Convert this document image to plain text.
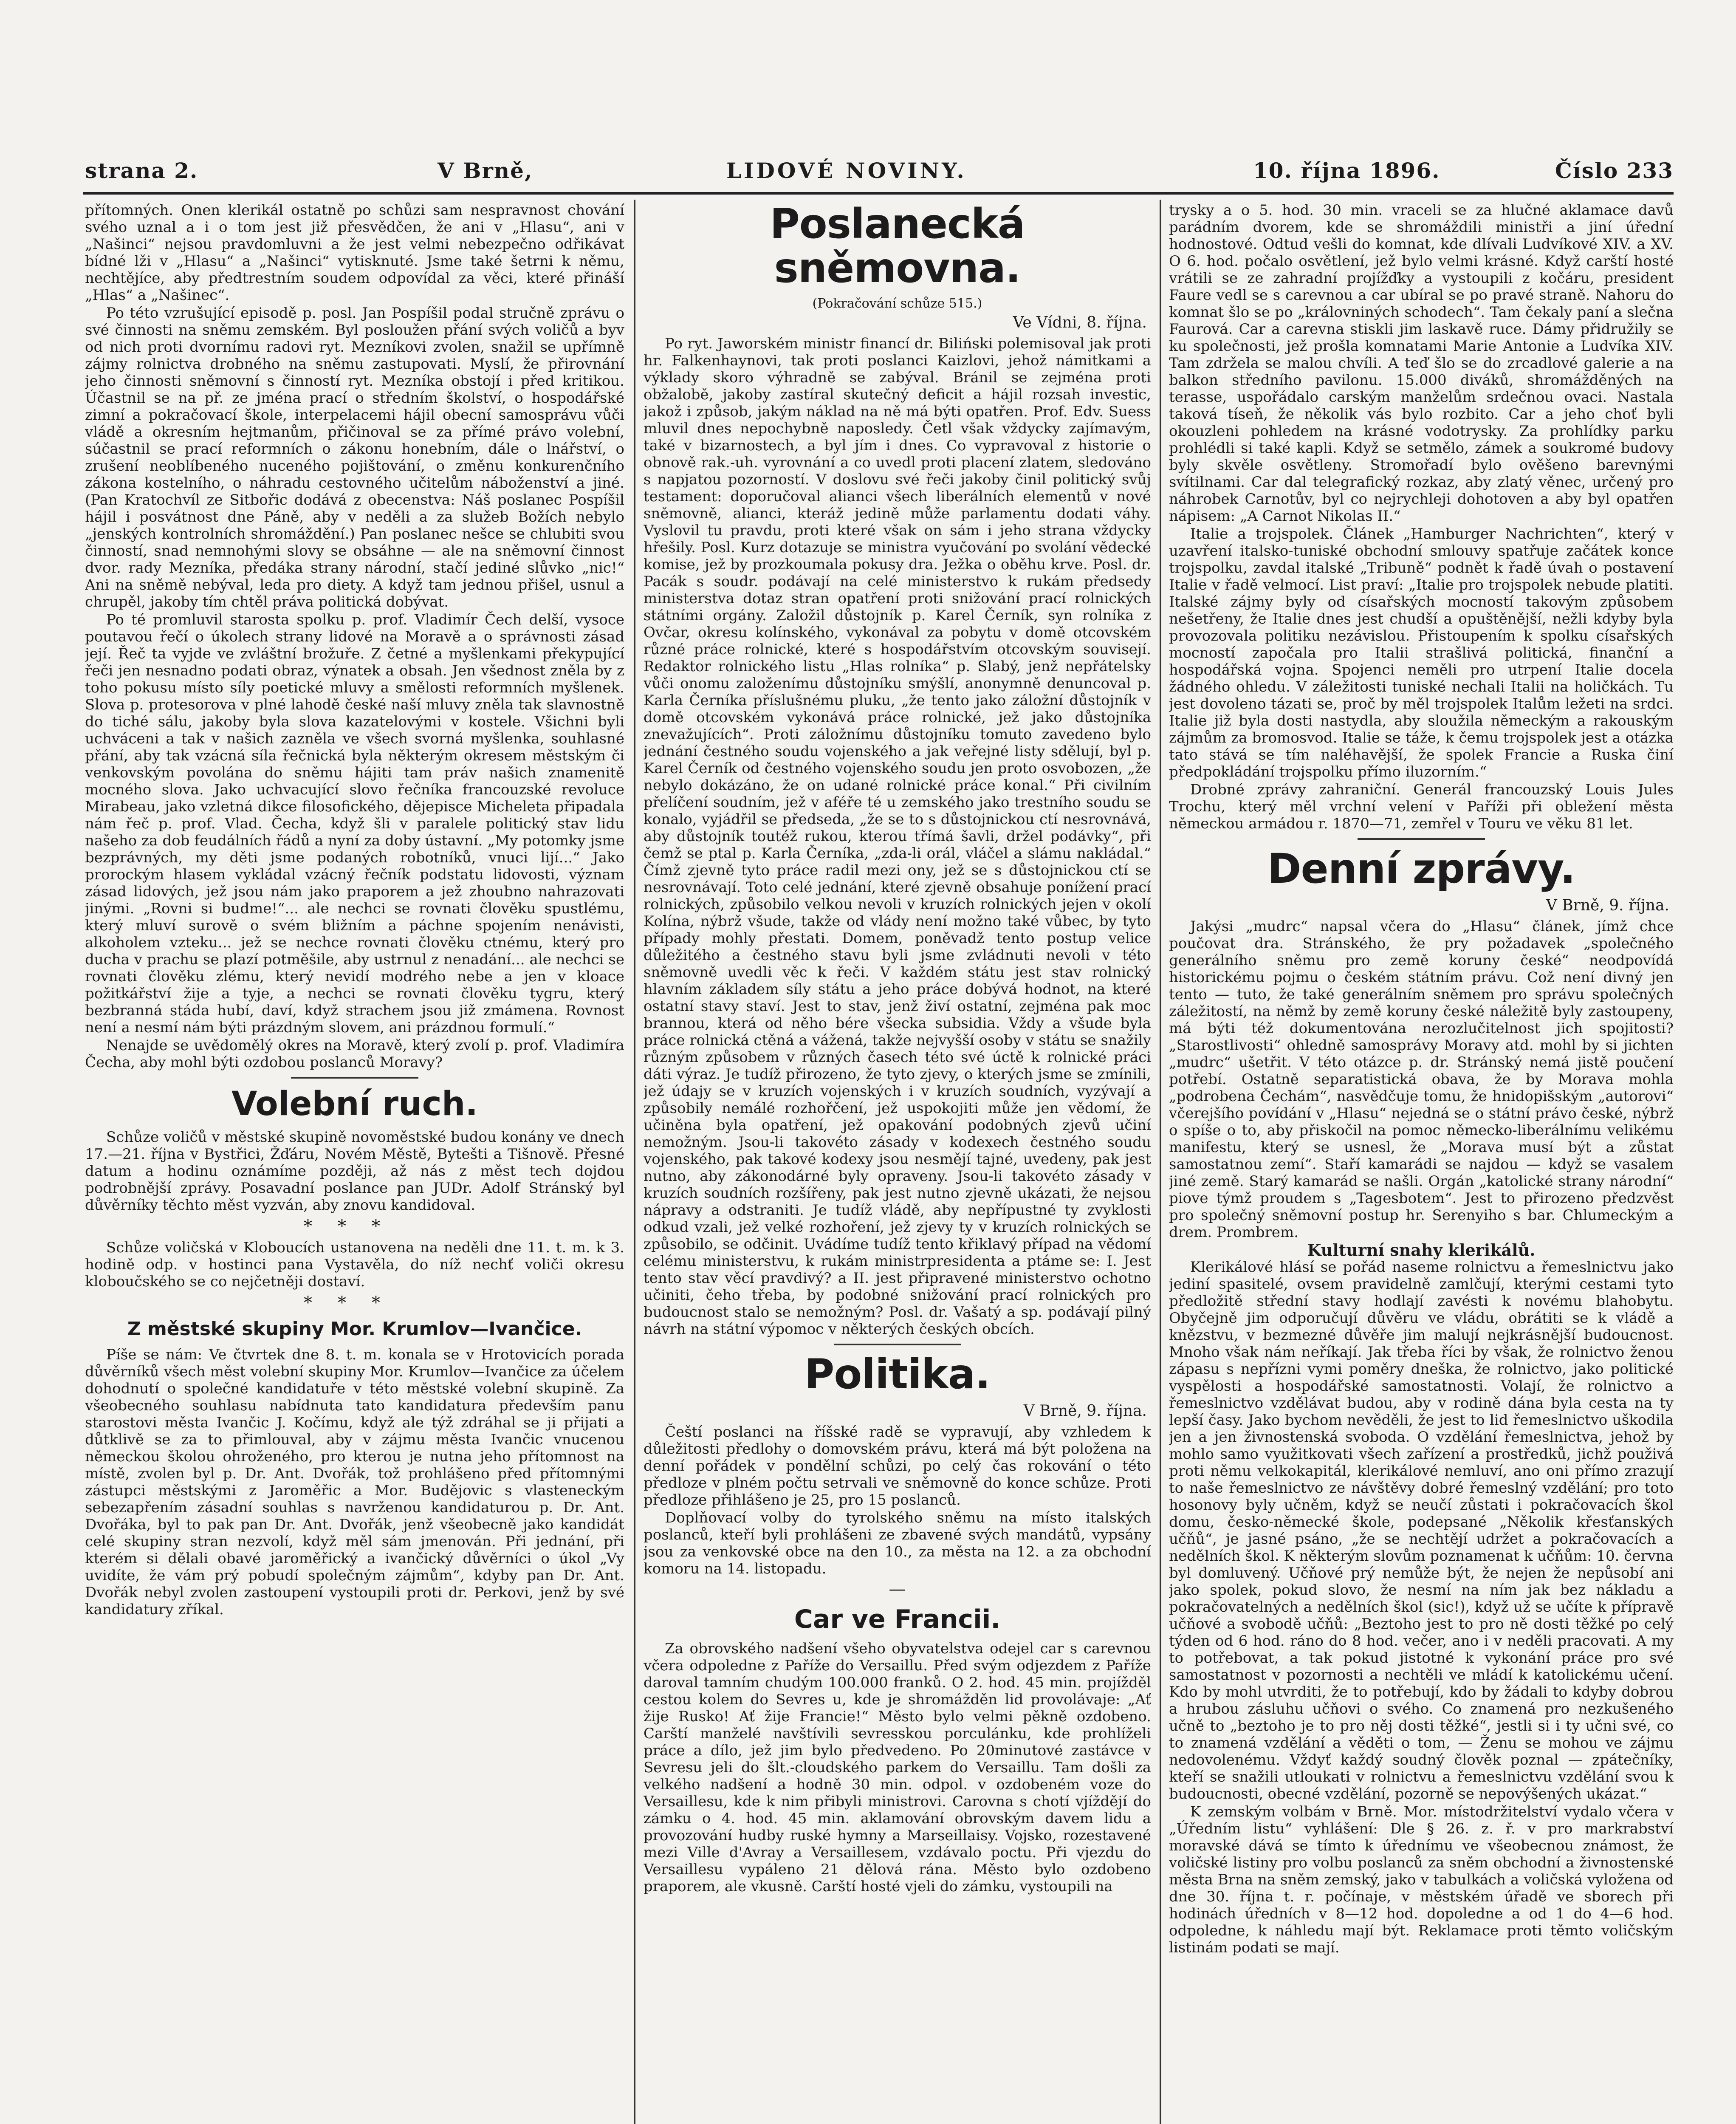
strana 2.	V Brně,	LIDOVÉ NOVINY.	10. října 1896.	Číslo 233

přítomných. Onen klerikál ostatně po schůzi sam nespravnost chování svého uznal a i o tom jest již přesvědčen, že ani v „Hlasu“, ani v „Našinci“ nejsou pravdomluvni a že jest velmi nebezpečno odřikávat bídné lži v „Hlasu“ a „Našinci“ vytisknuté. Jsme také šetrni k němu, nechtějíce, aby předtrestním soudem odpovídal za věci, které přináší „Hlas“ a „Našinec“.

Po této vzrušující episodě p. posl. Jan Pospíšil podal stručně zprávu o své činnosti na sněmu zemském. Byl posloužen přání svých voličů a byv od nich proti dvornímu radovi ryt. Mezníkovi zvolen, snažil se upřímně zájmy rolnictva drobného na sněmu zastupovati. Myslí, že přirovnání jeho činnosti sněmovní s činností ryt. Mezníka obstojí i před kritikou. Účastnil se na př. ze jména prací o středním školství, o hospodářské zimní a pokračovací škole, interpelacemi hájil obecní samosprávu vůči vládě a okresním hejtmanům, přičinoval se za přímé právo volební, súčastnil se prací reformních o zákonu honebním, dále o lnářství, o zrušení neoblíbeného nuceného pojištování, o změnu konkurenčního zákona kostelního, o náhradu cestovného učitelům náboženství a jiné. (Pan Kratochvíl ze Sitbořic dodává z obecenstva: Náš poslanec Pospíšil hájil i posvátnost dne Páně, aby v neděli a za služeb Božích nebylo „jenských kontrolních shromáždění.) Pan poslanec nešce se chlubiti svou činností, snad nemnohými slovy se obsáhne — ale na sněmovní činnost dvor. rady Mezníka, předáka strany národní, stačí jediné slůvko „nic!“ Ani na sněmě nebýval, leda pro diety. A když tam jednou přišel, usnul a chrupěl, jakoby tím chtěl práva politická dobývat.

Po té promluvil starosta spolku p. prof. Vladimír Čech delší, vysoce poutavou řečí o úkolech strany lidové na Moravě a o správnosti zásad její. Řeč ta vyjde ve zvláštní brožuře. Z četné a myšlenkami překypující řeči jen nesnadno podati obraz, výnatek a obsah. Jen všednost zněla by z toho pokusu místo síly poetické mluvy a smělosti reformních myšlenek. Slova p. protesorova v plné lahodě české naší mluvy zněla tak slavnostně do tiché sálu, jakoby byla slova kazatelovými v kostele. Všichni byli uchváceni a tak v našich zazněla ve všech svorná myšlenka, souhlasné přání, aby tak vzácná síla řečnická byla některým okresem městským či venkovským povolána do sněmu hájiti tam práv našich znamenitě mocného slova. Jako uchvacující slovo řečníka francouzské revoluce Mirabeau, jako vzletná dikce filosofického, dějepisce Micheleta připadala nám řeč p. prof. Vlad. Čecha, když šli v paralele politický stav lidu našeho za dob feudálních řádů a nyní za doby ústavní. „My potomky jsme bezprávných, my děti jsme podaných robotníků, vnuci lijí...“ Jako prorockým hlasem vykládal vzácný řečník podstatu lidovosti, význam zásad lidových, jež jsou nám jako praporem a jež zhoubno nahrazovati jinými. „Rovni si budme!“... ale nechci se rovnati člověku spustlému, který mluví surově o svém bližním a páchne spojením nenávisti, alkoholem vzteku... jež se nechce rovnati člověku ctnému, který pro ducha v prachu se plazí potměšile, aby ustrnul z nenadání... ale nechci se rovnati člověku zlému, který nevidí modrého nebe a jen v kloace požitkářství žije a tyje, a nechci se rovnati člověku tygru, který bezbranná stáda hubí, daví, když strachem jsou již zmámena. Rovnost není a nesmí nám býti prázdným slovem, ani prázdnou formulí.“

Nenajde se uvědomělý okres na Moravě, který zvolí p. prof. Vladimíra Čecha, aby mohl býti ozdobou poslanců Moravy?

Volební ruch.

Schůze voličů v městské skupině novoměstské budou konány ve dnech 17.—21. října v Bystřici, Žďáru, Novém Městě, Bytešti a Tišnově. Přesné datum a hodinu oznámíme později, až nás z měst tech dojdou podrobnější zprávy. Posavadní poslance pan JUDr. Adolf Stránský byl důvěrníky těchto měst vyzván, aby znovu kandidoval.

***

Schůze voličská v Kloboucích ustanovena na neděli dne 11. t. m. k 3. hodině odp. v hostinci pana Vystavěla, do níž nechť voliči okresu kloboučského se co nejčetněji dostaví.

***
Z městské skupiny Mor. Krumlov—Ivančice.

Píše se nám: Ve čtvrtek dne 8. t. m. konala se v Hrotovicích porada důvěrníků všech měst volební skupiny Mor. Krumlov—Ivančice za účelem dohodnutí o společné kandidatuře v této městské volební skupině. Za všeobecného souhlasu nabídnuta tato kandidatura především panu starostovi města Ivančic J. Kočímu, když ale týž zdráhal se ji přijati a důtklivě se za to přimlouval, aby v zájmu města Ivančic vnucenou německou školou ohroženého, pro kterou je nutna jeho přítomnost na místě, zvolen byl p. Dr. Ant. Dvořák, tož prohlášeno před přítomnými zástupci městskými z Jaroměřic a Mor. Budějovic s vlasteneckým sebezapřením zásadní souhlas s navrženou kandidaturou p. Dr. Ant. Dvořáka, byl to pak pan Dr. Ant. Dvořák, jenž všeobecně jako kandidát celé skupiny stran nezvolí, když měl sám jmenován. Při jednání, při kterém si dělali obavé jaroměřický a ivančický důvěrníci o úkol „Vy uvidíte, že vám prý pobudí společným zájmům“, kdyby pan Dr. Ant. Dvořák nebyl zvolen zastoupení vystoupili proti dr. Perkovi, jenž by své kandidatury zříkal.

Poslanecká sněmovna.
(Pokračování schůze 515.)
Ve Vídni, 8. října.

Po ryt. Jaworském ministr financí dr. Biliński polemisoval jak proti hr. Falkenhaynovi, tak proti poslanci Kaizlovi, jehož námitkami a výklady skoro výhradně se zabýval. Bránil se zejména proti obžalobě, jakoby zastíral skutečný deficit a hájil rozsah investic, jakož i způsob, jakým náklad na ně má býti opatřen. Prof. Edv. Suess mluvil dnes nepochybně naposledy. Četl však vždycky zajímavým, také v bizarnostech, a byl jím i dnes. Co vypravoval z historie o obnově rak.-uh. vyrovnání a co uvedl proti placení zlatem, sledováno s napjatou pozorností. V doslovu své řeči jakoby činil politický svůj testament: doporučoval alianci všech liberálních elementů v nové sněmovně, alianci, kteráž jedině může parlamentu dodati váhy. Vyslovil tu pravdu, proti které však on sám i jeho strana vždycky hřešily. Posl. Kurz dotazuje se ministra vyučování po svolání vědecké komise, jež by prozkoumala pokusy dra. Ježka o oběhu krve. Posl. dr. Pacák s soudr. podávají na celé ministerstvo k rukám předsedy ministerstva dotaz stran opatření proti snižování prací rolnických státními orgány. Založil důstojník p. Karel Černík, syn rolníka z Ovčar, okresu kolínského, vykonával za pobytu v domě otcovském různé práce rolnické, které s hospodářstvím otcovským souvisejí. Redaktor rolnického listu „Hlas rolníka“ p. Slabý, jenž nepřátelsky vůči onomu založenímu důstojníku smýšlí, anonymně denuncoval p. Karla Černíka příslušnému pluku, „že tento jako záložní důstojník v domě otcovském vykonává práce rolnické, jež jako důstojníka znevažujících“. Proti záložnímu důstojníku tomuto zavedeno bylo jednání čestného soudu vojenského a jak veřejné listy sdělují, byl p. Karel Černík od čestného vojenského soudu jen proto osvobozen, „že nebylo dokázáno, že on udané rolnické práce konal.“ Při civilním přelíčení soudním, jež v aféře té u zemského jako trestního soudu se konalo, vyjádřil se předseda, „že se to s důstojnickou ctí nesrovnává, aby důstojník toutéž rukou, kterou třímá šavli, držel podávky“, při čemž se ptal p. Karla Černíka, „zda-li orál, vláčel a slámu nakládal.“ Čímž zjevně tyto práce radil mezi ony, jež se s důstojnickou ctí se nesrovnávají. Toto celé jednání, které zjevně obsahuje ponížení prací rolnických, způsobilo velkou nevoli v kruzích rolnických jejen v okolí Kolína, nýbrž všude, takže od vlády není možno také vůbec, by tyto případy mohly přestati. Domem, poněvadž tento postup velice důležitého a čestného stavu byli jsme zvládnuti nevoli v této sněmovně uvedli věc k řeči. V každém státu jest stav rolnický hlavním základem síly státu a jeho práce dobývá hodnot, na které ostatní stavy staví. Jest to stav, jenž živí ostatní, zejména pak moc brannou, která od něho bére všecka subsidia. Vždy a všude byla práce rolnická ctěná a vážená, takže nejvyšší osoby v státu se snažily různým způsobem v různých časech této své úctě k rolnické práci dáti výraz. Je tudíž přirozeno, že tyto zjevy, o kterých jsme se zmínili, jež údajy se v kruzích vojenských i v kruzích soudních, vyzývají a způsobily nemálé rozhořčení, jež uspokojiti může jen vědomí, že učiněna byla opatření, jež opakování podobných zjevů učiní nemožným. Jsou-li takovéto zásady v kodexech čestného soudu vojenského, pak takové kodexy jsou nesmějí tajné, uvedeny, pak jest nutno, aby zákonodárné byly opraveny. Jsou-li takovéto zásady v kruzích soudních rozšířeny, pak jest nutno zjevně ukázati, že nejsou nápravy a odstraniti. Je tudíž vládě, aby nepřípustné ty zvyklosti odkud vzali, jež velké rozhoření, jež zjevy ty v kruzích rolnických se způsobilo, se odčinit. Uvádíme tudíž tento křiklavý případ na vědomí celému ministerstvu, k rukám ministrpresidenta a ptáme se: I. Jest tento stav věcí pravdivý? a II. jest připravené ministerstvo ochotno učiniti, čeho třeba, by podobné snižování prací rolnických pro budoucnost stalo se nemožným? Posl. dr. Vašatý a sp. podávají pilný návrh na státní výpomoc v některých českých obcích.

Politika.
V Brně, 9. října.

Čeští poslanci na říšské radě se vypravují, aby vzhledem k důležitosti předlohy o domovském právu, která má být položena na denní pořádek v pondělní schůzi, po celý čas rokování o této předloze v plném počtu setrvali ve sněmovně do konce schůze. Proti předloze přihlášeno je 25, pro 15 poslanců.

Doplňovací volby do tyrolského sněmu na místo italských poslanců, kteří byli prohlášeni ze zbavené svých mandátů, vypsány jsou za venkovské obce na den 10., za města na 12. a za obchodní komoru na 14. listopadu.

—
Car ve Francii.

Za obrovského nadšení všeho obyvatelstva odejel car s carevnou včera odpoledne z Paříže do Versaillu. Před svým odjezdem z Paříže daroval tamním chudým 100.000 franků. O 2. hod. 45 min. projížděl cestou kolem do Sevres u, kde je shromážděn lid provolávaje: „Ať žije Rusko! Ať žije Francie!“ Město bylo velmi pěkně ozdobeno. Carští manželé navštívili sevresskou porculánku, kde prohlíželi práce a dílo, jež jim bylo předvedeno. Po 20minutové zastávce v Sevresu jeli do šlt.-cloudského parkem do Versaillu. Tam došli za velkého nadšení a hodně 30 min. odpol. v ozdobeném voze do Versaillesu, kde k nim přibyli ministrovi. Carovna s chotí vjíždějí do zámku o 4. hod. 45 min. aklamování obrovským davem lidu a provozování hudby ruské hymny a Marseillaisy. Vojsko, rozestavené mezi Ville d'Avray a Versaillesem, vzdávalo poctu. Při vjezdu do Versaillesu vypáleno 21 dělová rána. Město bylo ozdobeno praporem, ale vkusně. Carští hosté vjeli do zámku, vystoupili na

trysky a o 5. hod. 30 min. vraceli se za hlučné aklamace davů parádním dvorem, kde se shromáždili ministři a jiní úřední hodnostové. Odtud vešli do komnat, kde dlívali Ludvíkové XIV. a XV. O 6. hod. počalo osvětlení, jež bylo velmi krásné. Když carští hosté vrátili se ze zahradní projížďky a vystoupili z kočáru, president Faure vedl se s carevnou a car ubíral se po pravé straně. Nahoru do komnat šlo se po „královniných schodech“. Tam čekaly paní a slečna Faurová. Car a carevna stiskli jim laskavě ruce. Dámy přidružily se ku společnosti, jež prošla komnatami Marie Antonie a Ludvíka XIV. Tam zdržela se malou chvíli. A teď šlo se do zrcadlové galerie a na balkon středního pavilonu. 15.000 diváků, shromážděných na terasse, uspořádalo carským manželům srdečnou ovaci. Nastala taková tíseň, že několik vás bylo rozbito. Car a jeho choť byli okouzleni pohledem na krásné vodotrysky. Za prohlídky parku prohlédli si také kapli. Když se setmělo, zámek a soukromé budovy byly skvěle osvětleny. Stromořadí bylo ověšeno barevnými svítilnami. Car dal telegrafický rozkaz, aby zlatý věnec, určený pro náhrobek Carnotův, byl co nejrychleji dohotoven a aby byl opatřen nápisem: „A Carnot Nikolas II.“

Italie a trojspolek. Článek „Hamburger Nachrichten“, který v uzavření italsko-tuniské obchodní smlouvy spatřuje začátek konce trojspolku, zavdal italské „Tribuně“ podnět k řadě úvah o postavení Italie v řadě velmocí. List praví: „Italie pro trojspolek nebude platiti. Italské zájmy byly od císařských mocností takovým způsobem nešetřeny, že Italie dnes jest chudší a opuštěnější, nežli kdyby byla provozovala politiku nezávislou. Přistoupením k spolku císařských mocností započala pro Italii strašlivá politická, finanční a hospodářská vojna. Spojenci neměli pro utrpení Italie docela žádného ohledu. V záležitosti tuniské nechali Italii na holičkách. Tu jest dovoleno tázati se, proč by měl trojspolek Italům ležeti na srdci. Italie již byla dosti nastydla, aby sloužila německým a rakouským zájmům za bromosvod. Italie se táže, k čemu trojspolek jest a otázka tato stává se tím naléhavější, že spolek Francie a Ruska činí předpokládání trojspolku přímo iluzorním.“

Drobné zprávy zahraniční. Generál francouzský Louis Jules Trochu, který měl vrchní velení v Paříži při obležení města německou armádou r. 1870—71, zemřel v Touru ve věku 81 let.

Denní zprávy.
V Brně, 9. října.

Jakýsi „mudrc“ napsal včera do „Hlasu“ článek, jímž chce poučovat dra. Stránského, že pry požadavek „společného generálního sněmu pro země koruny české“ neodpovídá historickému pojmu o českém státním právu. Což není divný jen tento — tuto, že také generálním sněmem pro správu společných záležitostí, na němž by země koruny české náležitě byly zastoupeny, má býti též dokumentována nerozlučitelnost jich spojitosti? „Starostlivosti“ ohledně samosprávy Moravy atd. mohl by si jichten „mudrc“ ušetřit. V této otázce p. dr. Stránský nemá jistě poučení potřebí. Ostatně separatistická obava, že by Morava mohla „podrobena Čechám“, nasvědčuje tomu, že hnidopišským „autorovi“ včerejšího povídání v „Hlasu“ nejedná se o státní právo české, nýbrž o spíše o to, aby přiskočil na pomoc německo-liberálnímu velikému manifestu, který se usnesl, že „Morava musí být a zůstat samostatnou zemí“. Staří kamarádi se najdou — když se vasalem jiné země. Starý kamarád se našli. Orgán „katolické strany národní“ piove týmž proudem s „Tagesbotem“. Jest to přirozeno předzvěst pro společný sněmovní postup hr. Serenyiho s bar. Chlumeckým a drem. Prombrem.

Kulturní snahy klerikálů.

Klerikálové hlásí se pořád naseme rolnictvu a řemeslnictvu jako jediní spasitelé, ovsem pravidelně zamlčují, kterými cestami tyto předložitě střední stavy hodlají zavésti k novému blahobytu. Obyčejně jim odporučují důvěru ve vládu, obrátiti se k vládě a knězstvu, v bezmezné důvěře jim malují nejkrásnější budoucnost. Mnoho však nám neříkají. Jak třeba říci by však, že rolnictvo ženou zápasu s nepřízni vymi poměry dneška, že rolnictvo, jako politické vyspělosti a hospodářské samostatnosti. Volají, že rolnictvo a řemeslnictvo vzdělávat budou, aby v rodině dána byla cesta na ty lepší časy. Jako bychom nevěděli, že jest to lid řemeslnictvo uškodila jen a jen živnostenská svoboda. O vzdělání řemeslnictva, jehož by mohlo samo využitkovati všech zařízení a prostředků, jichž použivá proti němu velkokapitál, klerikálové nemluví, ano oni přímo zrazují to naše řemeslnictvo ze návštěvy dobré řemeslný vzdělání; pro toto hosonovy byly učněm, když se neučí zůstati i pokračovacích škol domu, česko-německé škole, podepsané „Několik křesťanských učňů“, je jasné psáno, „že se nechtějí udržet a pokračovacích a nedělních škol. K některým slovům poznamenat k učňům: 10. června byl domluvený. Učňové prý nemůže být, že nejen že nepůsobí ani jako spolek, pokud slovo, že nesmí na ním jak bez nákladu a pokračovatelných a nedělních škol (sic!), když už se učíte k přípravě učňové a svobodě učňů: „Beztoho jest to pro ně dosti těžké po celý týden od 6 hod. ráno do 8 hod. večer, ano i v neděli pracovati. A my to potřebovat, a tak pokud jistotné k vykonání práce pro své samostatnost v pozornosti a nechtěli ve mládí k katolickému učení. Kdo by mohl utvrditi, že to potřebují, kdo by žádali to kdyby dobrou a hrubou zásluhu učňovi o svého. Co znamená pro nezkušeného učně to „beztoho je to pro něj dosti těžké“, jestli si i ty učni své, co to znamená vzdělání a věděti o tom, — Ženu se mohou ve zájmu nedovolenému. Vždyť každý soudný člověk poznal — zpátečníky, kteří se snažili utloukati v rolnictvu a řemeslnictvu vzdělání svou k budoucnosti, obecné vzdělání, pozorně se nepovýšených ukázat.“

K zemským volbám v Brně. Mor. místodržitelství vydalo včera v „Úředním listu“ vyhlášení: Dle § 26. z. ř. v pro markrabství moravské dává se tímto k úřednímu ve všeobecnou známost, že voličské listiny pro volbu poslanců za sněm obchodní a živnostenské města Brna na sněm zemský, jako v tabulkách a voličská vyložena od dne 30. října t. r. počínaje, v městském úřadě ve sborech při hodinách úředních v 8—12 hod. dopoledne a od 1 do 4—6 hod. odpoledne, k náhledu mají být. Reklamace proti těmto voličským listinám podati se mají.
